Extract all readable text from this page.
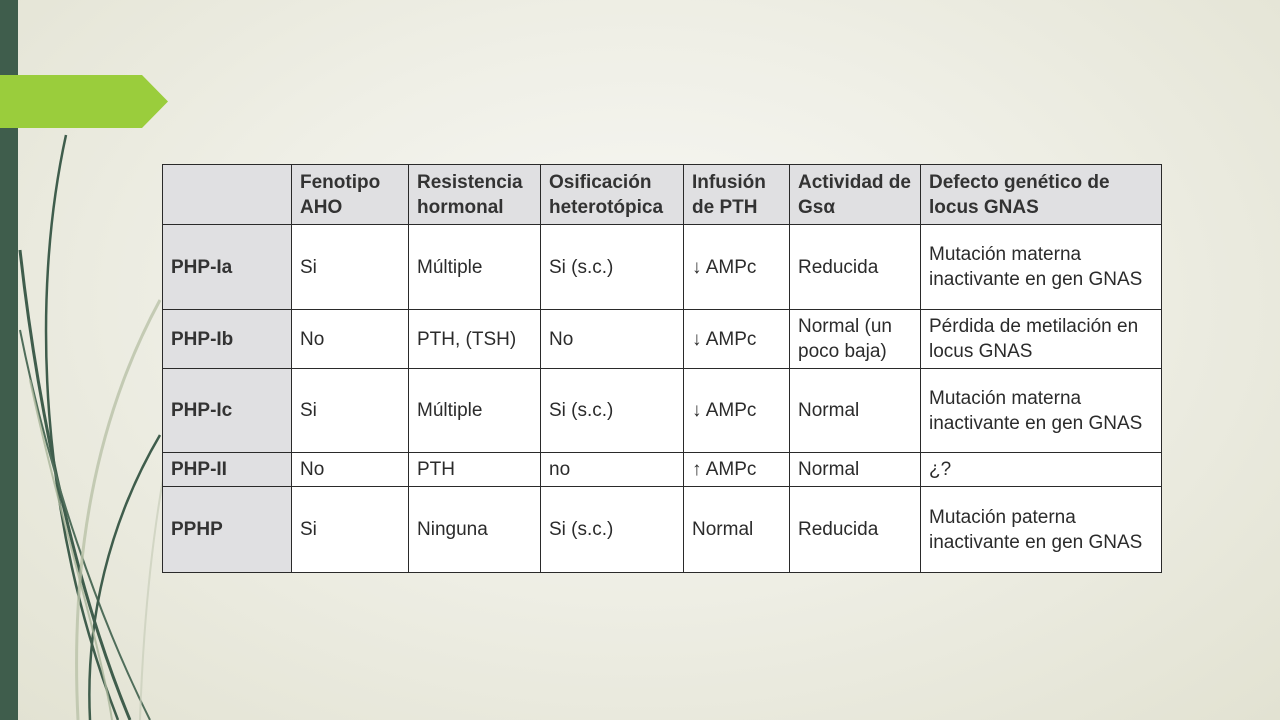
	Fenotipo AHO	Resistencia hormonal	Osificación heterotópica	Infusión de PTH	Actividad de Gsα	Defecto genético de locus GNAS
PHP-Ia	Si	Múltiple	Si (s.c.)	↓ AMPc	Reducida	Mutación materna inactivante en gen GNAS
PHP-Ib	No	PTH, (TSH)	No	↓ AMPc	Normal (un poco baja)	Pérdida de metilación en locus GNAS
PHP-Ic	Si	Múltiple	Si (s.c.)	↓ AMPc	Normal	Mutación materna inactivante en gen GNAS
PHP-II	No	PTH	no	↑ AMPc	Normal	¿?
PPHP	Si	Ninguna	Si (s.c.)	Normal	Reducida	Mutación paterna inactivante en gen GNAS
